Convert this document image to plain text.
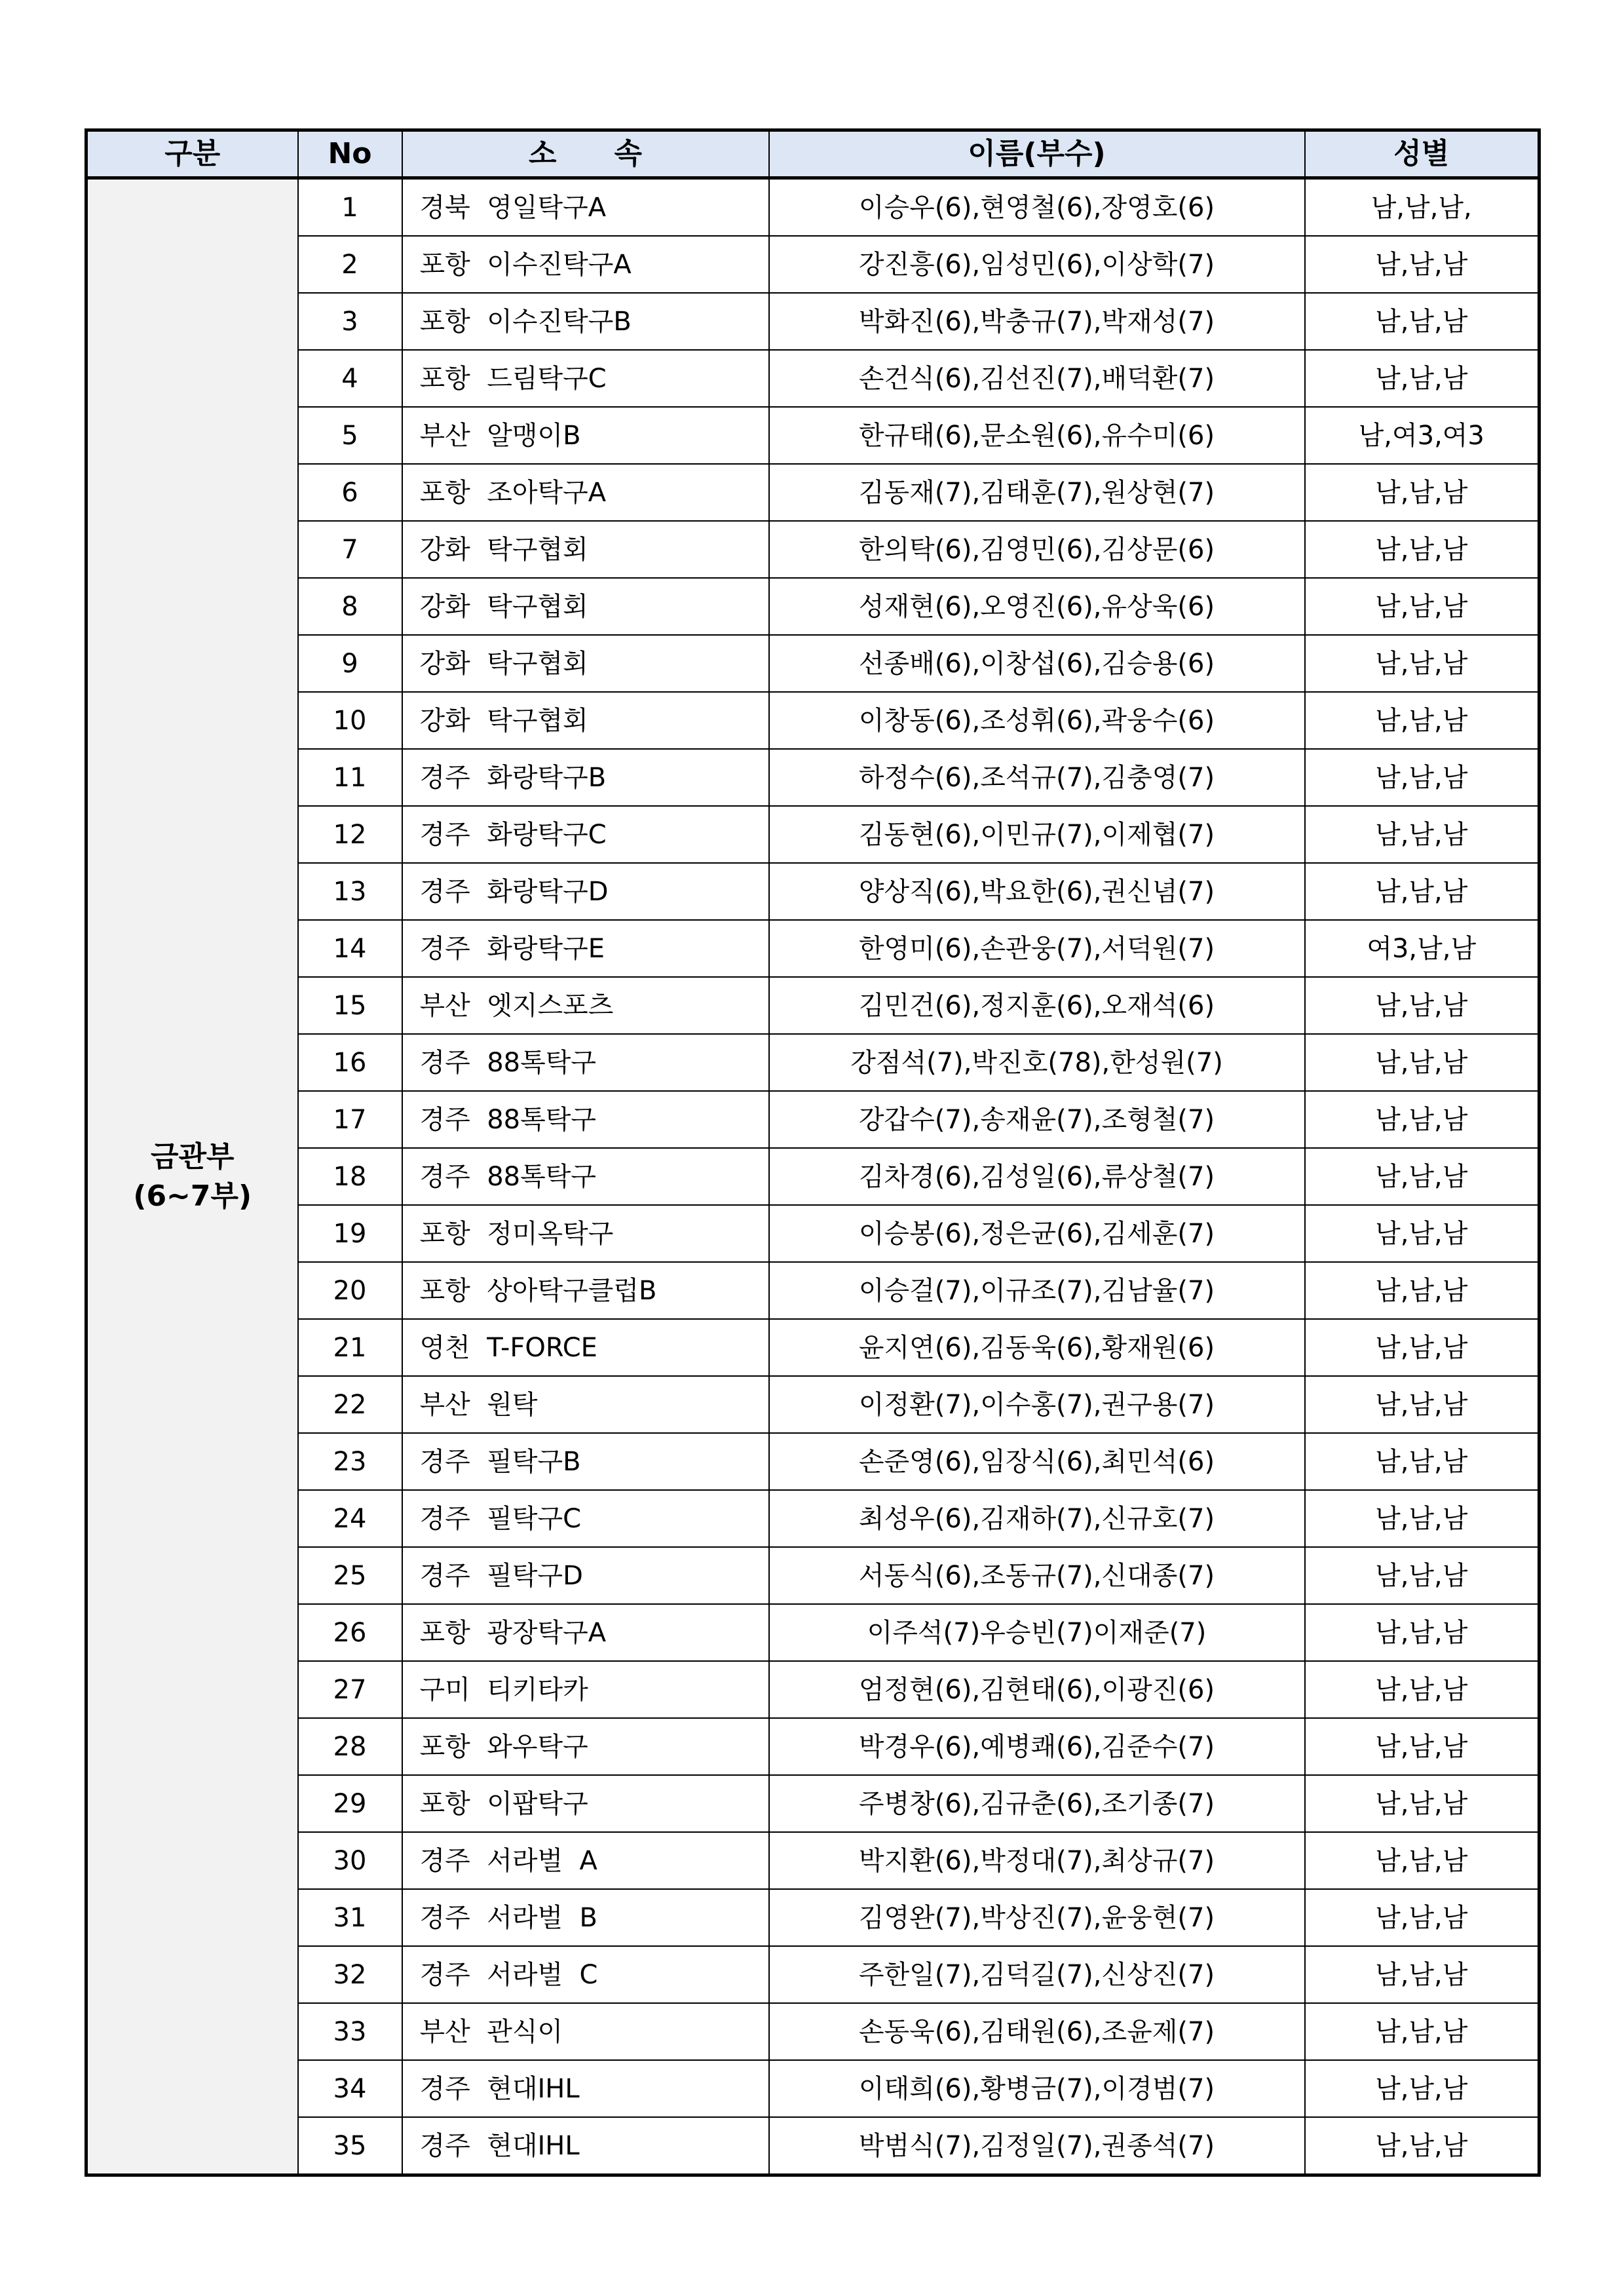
구분	No	소　　속	이름(부수)	성별

금관부
(6~7부)	1	경북  영일탁구A	이승우(6),현영철(6),장영호(6)	남,남,남,
	2	포항  이수진탁구A	강진흥(6),임성민(6),이상학(7)	남,남,남
	3	포항  이수진탁구B	박화진(6),박충규(7),박재성(7)	남,남,남
	4	포항  드림탁구C	손건식(6),김선진(7),배덕환(7)	남,남,남
	5	부산  알맹이B	한규태(6),문소원(6),유수미(6)	남,여3,여3
	6	포항  조아탁구A	김동재(7),김태훈(7),원상현(7)	남,남,남
	7	강화  탁구협회	한의탁(6),김영민(6),김상문(6)	남,남,남
	8	강화  탁구협회	성재현(6),오영진(6),유상욱(6)	남,남,남
	9	강화  탁구협회	선종배(6),이창섭(6),김승용(6)	남,남,남
	10	강화  탁구협회	이창동(6),조성휘(6),곽웅수(6)	남,남,남
	11	경주  화랑탁구B	하정수(6),조석규(7),김충영(7)	남,남,남
	12	경주  화랑탁구C	김동현(6),이민규(7),이제협(7)	남,남,남
	13	경주  화랑탁구D	양상직(6),박요한(6),권신념(7)	남,남,남
	14	경주  화랑탁구E	한영미(6),손관웅(7),서덕원(7)	여3,남,남
	15	부산  엣지스포츠	김민건(6),정지훈(6),오재석(6)	남,남,남
	16	경주  88톡탁구	강점석(7),박진호(78),한성원(7)	남,남,남
	17	경주  88톡탁구	강갑수(7),송재윤(7),조형철(7)	남,남,남
	18	경주  88톡탁구	김차경(6),김성일(6),류상철(7)	남,남,남
	19	포항  정미옥탁구	이승봉(6),정은균(6),김세훈(7)	남,남,남
	20	포항  상아탁구클럽B	이승걸(7),이규조(7),김남율(7)	남,남,남
	21	영천  T-FORCE	윤지연(6),김동욱(6),황재원(6)	남,남,남
	22	부산  원탁	이정환(7),이수홍(7),권구용(7)	남,남,남
	23	경주  필탁구B	손준영(6),임장식(6),최민석(6)	남,남,남
	24	경주  필탁구C	최성우(6),김재하(7),신규호(7)	남,남,남
	25	경주  필탁구D	서동식(6),조동규(7),신대종(7)	남,남,남
	26	포항  광장탁구A	이주석(7)우승빈(7)이재준(7)	남,남,남
	27	구미  티키타카	엄정현(6),김현태(6),이광진(6)	남,남,남
	28	포항  와우탁구	박경우(6),예병쾌(6),김준수(7)	남,남,남
	29	포항  이팝탁구	주병창(6),김규춘(6),조기종(7)	남,남,남
	30	경주  서라벌  A	박지환(6),박정대(7),최상규(7)	남,남,남
	31	경주  서라벌  B	김영완(7),박상진(7),윤웅현(7)	남,남,남
	32	경주  서라벌  C	주한일(7),김덕길(7),신상진(7)	남,남,남
	33	부산  관식이	손동욱(6),김태원(6),조윤제(7)	남,남,남
	34	경주  현대IHL	이태희(6),황병금(7),이경범(7)	남,남,남
	35	경주  현대IHL	박범식(7),김정일(7),권종석(7)	남,남,남
